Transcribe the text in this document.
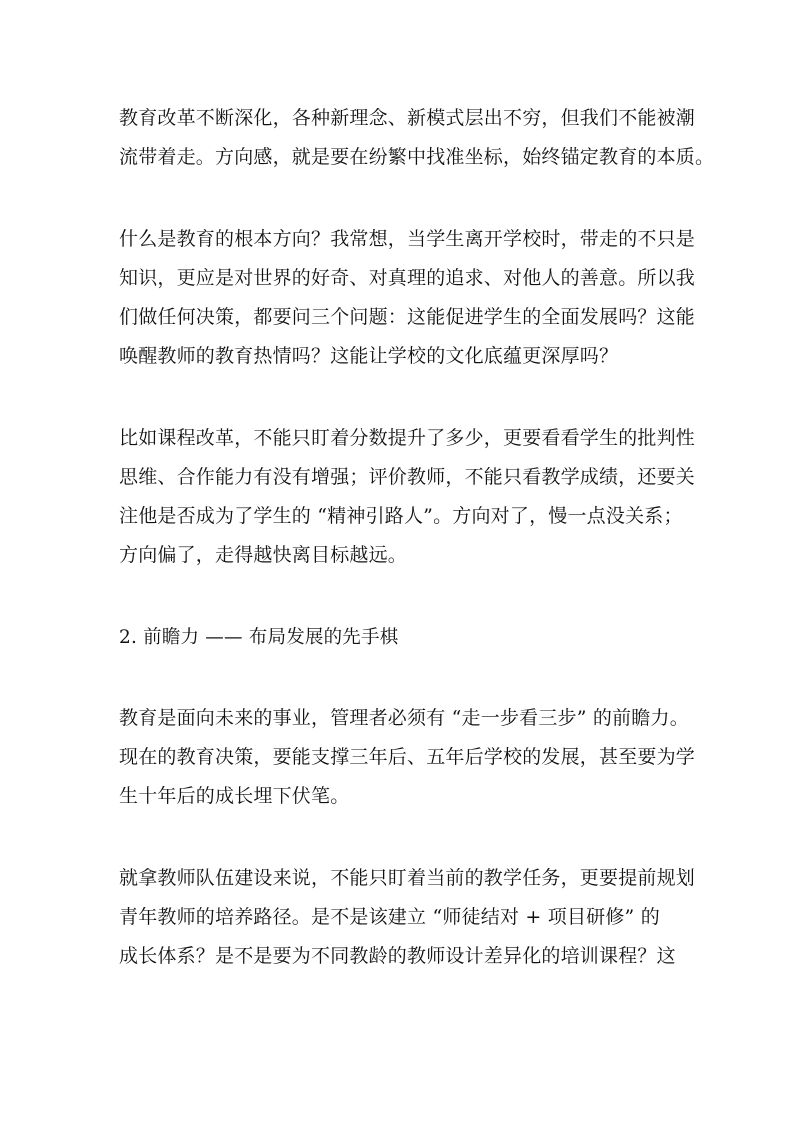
教育改革不断深化，各种新理念、新模式层出不穷，但我们不能被潮
流带着走。方向感，就是要在纷繁中找准坐标，始终锚定教育的本质。
什么是教育的根本方向？我常想，当学生离开学校时，带走的不只是
知识，更应是对世界的好奇、对真理的追求、对他人的善意。所以我
们做任何决策，都要问三个问题：这能促进学生的全面发展吗？这能
唤醒教师的教育热情吗？这能让学校的文化底蕴更深厚吗？
比如课程改革，不能只盯着分数提升了多少，更要看看学生的批判性
思维、合作能力有没有增强；评价教师，不能只看教学成绩，还要关
注他是否成为了学生的 “精神引路人”。方向对了，慢一点没关系；
方向偏了，走得越快离目标越远。
2. 前瞻力 —— 布局发展的先手棋
教育是面向未来的事业，管理者必须有 “走一步看三步” 的前瞻力。
现在的教育决策，要能支撑三年后、五年后学校的发展，甚至要为学
生十年后的成长埋下伏笔。
就拿教师队伍建设来说，不能只盯着当前的教学任务，更要提前规划
青年教师的培养路径。是不是该建立 “师徒结对 + 项目研修” 的
成长体系？是不是要为不同教龄的教师设计差异化的培训课程？这
